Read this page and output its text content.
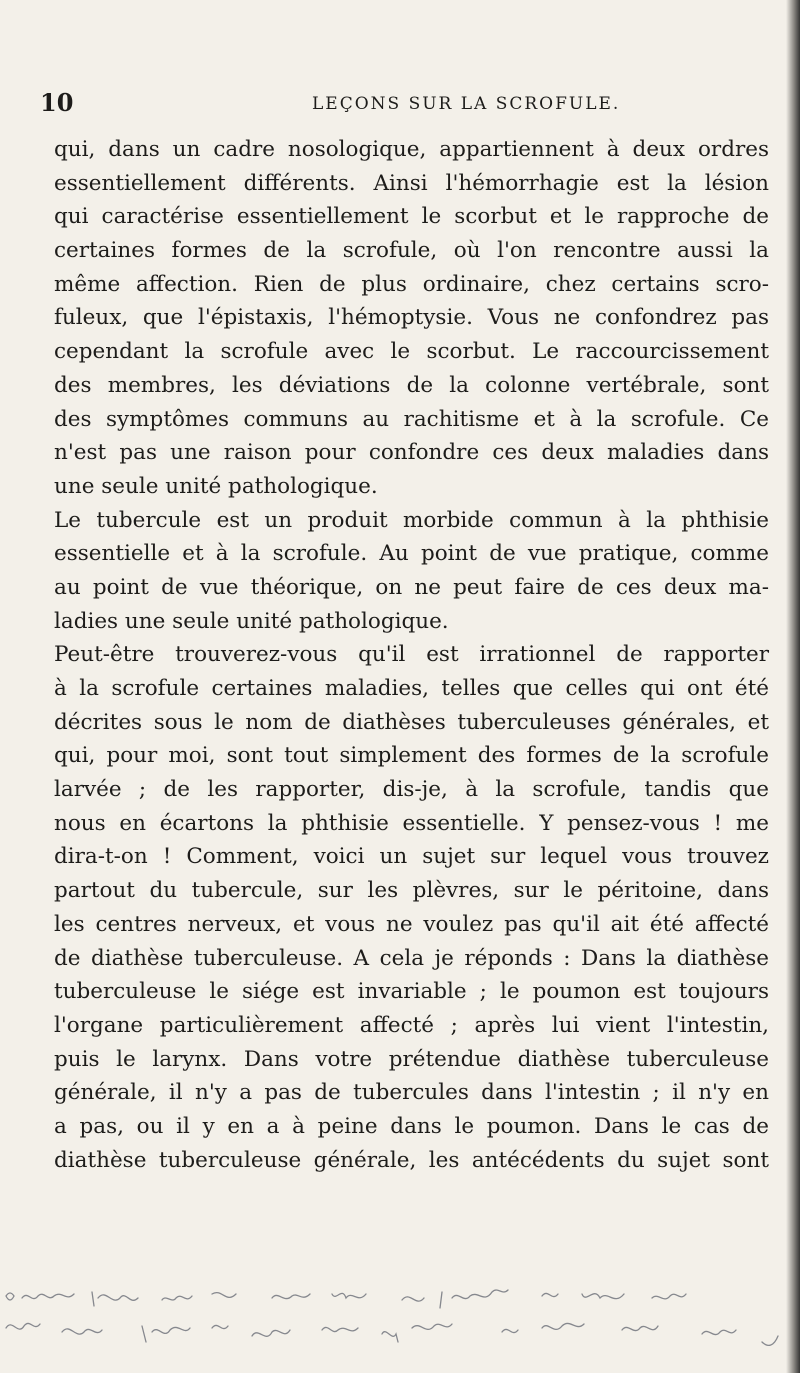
10	LEÇONS SUR LA SCROFULE.
qui, dans un cadre nosologique, appartiennent à deux ordres
essentiellement différents. Ainsi l'hémorrhagie est la lésion
qui caractérise essentiellement le scorbut et le rapproche de
certaines formes de la scrofule, où l'on rencontre aussi la
même affection. Rien de plus ordinaire, chez certains scro-
fuleux, que l'épistaxis, l'hémoptysie. Vous ne confondrez pas
cependant la scrofule avec le scorbut. Le raccourcissement
des membres, les déviations de la colonne vertébrale, sont
des symptômes communs au rachitisme et à la scrofule. Ce
n'est pas une raison pour confondre ces deux maladies dans
une seule unité pathologique.
Le tubercule est un produit morbide commun à la phthisie
essentielle et à la scrofule. Au point de vue pratique, comme
au point de vue théorique, on ne peut faire de ces deux ma-
ladies une seule unité pathologique.
Peut-être trouverez-vous qu'il est irrationnel de rapporter
à la scrofule certaines maladies, telles que celles qui ont été
décrites sous le nom de diathèses tuberculeuses générales, et
qui, pour moi, sont tout simplement des formes de la scrofule
larvée ; de les rapporter, dis-je, à la scrofule, tandis que
nous en écartons la phthisie essentielle. Y pensez-vous ! me
dira-t-on ! Comment, voici un sujet sur lequel vous trouvez
partout du tubercule, sur les plèvres, sur le péritoine, dans
les centres nerveux, et vous ne voulez pas qu'il ait été affecté
de diathèse tuberculeuse. A cela je réponds : Dans la diathèse
tuberculeuse le siége est invariable ; le poumon est toujours
l'organe particulièrement affecté ; après lui vient l'intestin,
puis le larynx. Dans votre prétendue diathèse tuberculeuse
générale, il n'y a pas de tubercules dans l'intestin ; il n'y en
a pas, ou il y en a à peine dans le poumon. Dans le cas de
diathèse tuberculeuse générale, les antécédents du sujet sont
